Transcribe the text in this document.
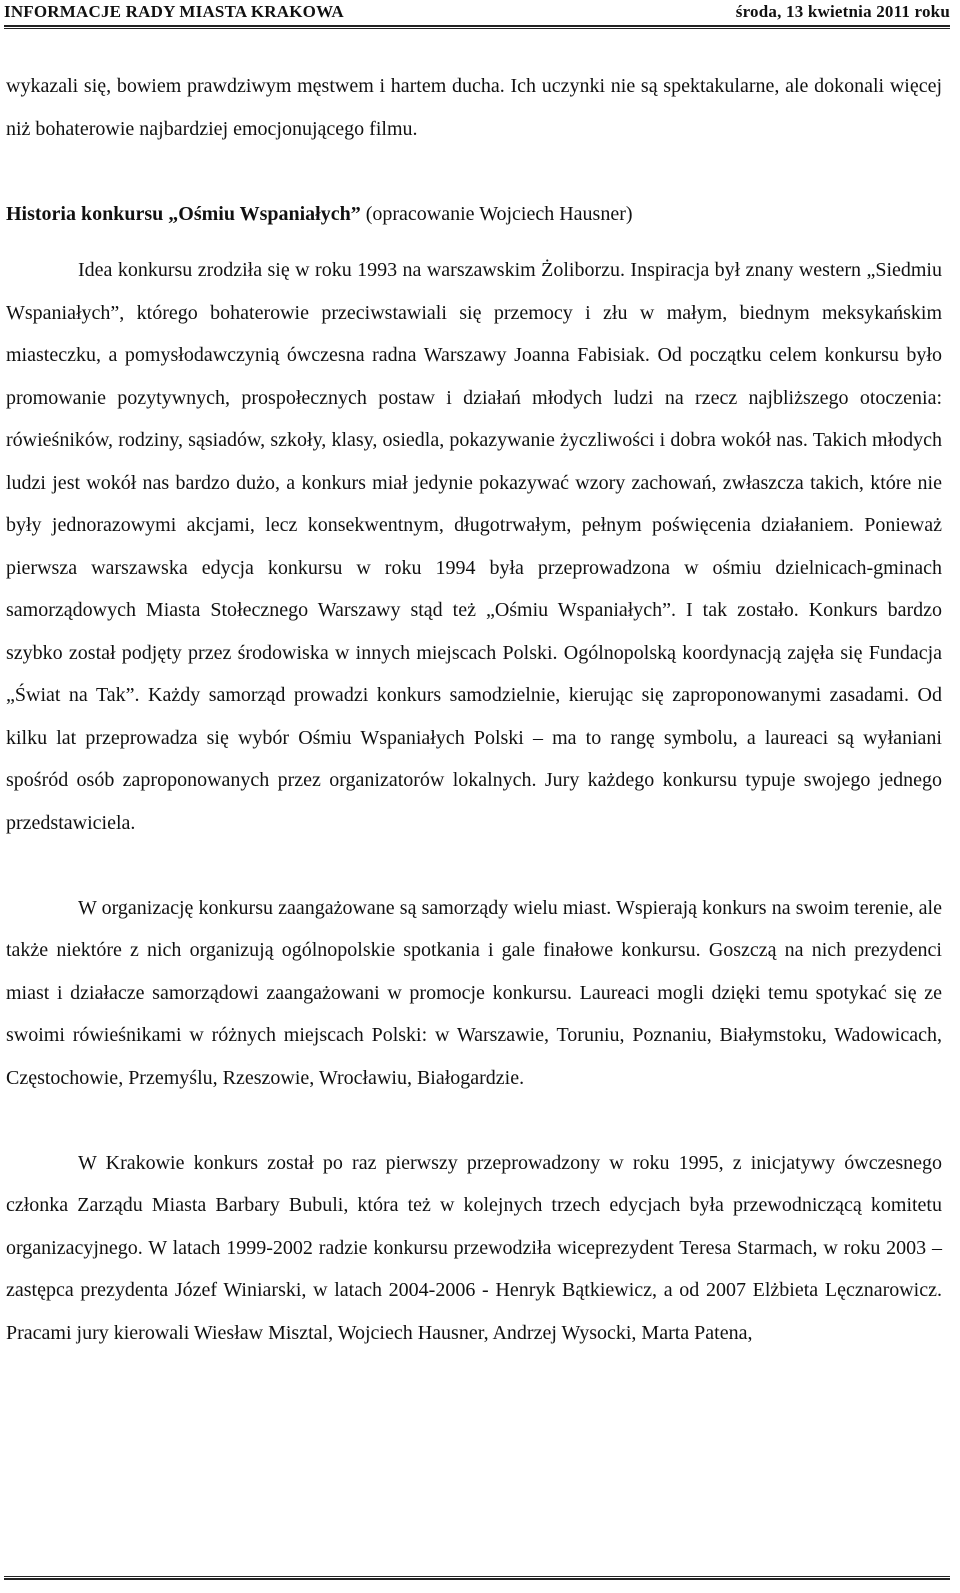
INFORMACJE RADY MIASTA KRAKOWA	środa, 13 kwietnia 2011 roku

wykazali się, bowiem prawdziwym męstwem i hartem ducha. Ich uczynki nie są spektakularne, ale dokonali więcej niż bohaterowie najbardziej emocjonującego filmu.

Historia konkursu „Ośmiu Wspaniałych” (opracowanie Wojciech Hausner)

Idea konkursu zrodziła się w roku 1993 na warszawskim Żoliborzu. Inspiracja był znany western „Siedmiu Wspaniałych”, którego bohaterowie przeciwstawiali się przemocy i złu w małym, biednym meksykańskim miasteczku, a pomysłodawczynią ówczesna radna Warszawy Joanna Fabisiak. Od początku celem konkursu było promowanie pozytywnych, prospołecznych postaw i działań młodych ludzi na rzecz najbliższego otoczenia: rówieśników, rodziny, sąsiadów, szkoły, klasy, osiedla, pokazywanie życzliwości i dobra wokół nas. Takich młodych ludzi jest wokół nas bardzo dużo, a konkurs miał jedynie pokazywać wzory zachowań, zwłaszcza takich, które nie były jednorazowymi akcjami, lecz konsekwentnym, długotrwałym, pełnym poświęcenia działaniem. Ponieważ pierwsza warszawska edycja konkursu w roku 1994 była przeprowadzona w ośmiu dzielnicach-gminach samorządowych Miasta Stołecznego Warszawy stąd też „Ośmiu Wspaniałych”. I tak zostało. Konkurs bardzo szybko został podjęty przez środowiska w innych miejscach Polski. Ogólnopolską koordynacją zajęła się Fundacja „Świat na Tak”. Każdy samorząd prowadzi konkurs samodzielnie, kierując się zaproponowanymi zasadami. Od kilku lat przeprowadza się wybór Ośmiu Wspaniałych Polski – ma to rangę symbolu, a laureaci są wyłaniani spośród osób zaproponowanych przez organizatorów lokalnych. Jury każdego konkursu typuje swojego jednego przedstawiciela.

W organizację konkursu zaangażowane są samorządy wielu miast. Wspierają konkurs na swoim terenie, ale także niektóre z nich organizują ogólnopolskie spotkania i gale finałowe konkursu. Goszczą na nich prezydenci miast i działacze samorządowi zaangażowani w promocje konkursu. Laureaci mogli dzięki temu spotykać się ze swoimi rówieśnikami w różnych miejscach Polski: w Warszawie, Toruniu, Poznaniu, Białymstoku, Wadowicach, Częstochowie, Przemyślu, Rzeszowie, Wrocławiu, Białogardzie.

W Krakowie konkurs został po raz pierwszy przeprowadzony w roku 1995, z inicjatywy ówczesnego członka Zarządu Miasta Barbary Bubuli, która też w kolejnych trzech edycjach była przewodniczącą komitetu organizacyjnego. W latach 1999-2002 radzie konkursu przewodziła wiceprezydent Teresa Starmach, w roku 2003 – zastępca prezydenta Józef Winiarski, w latach 2004-2006 - Henryk Bątkiewicz, a od 2007 Elżbieta Lęcznarowicz. Pracami jury kierowali Wiesław Misztal, Wojciech Hausner, Andrzej Wysocki, Marta Patena,
